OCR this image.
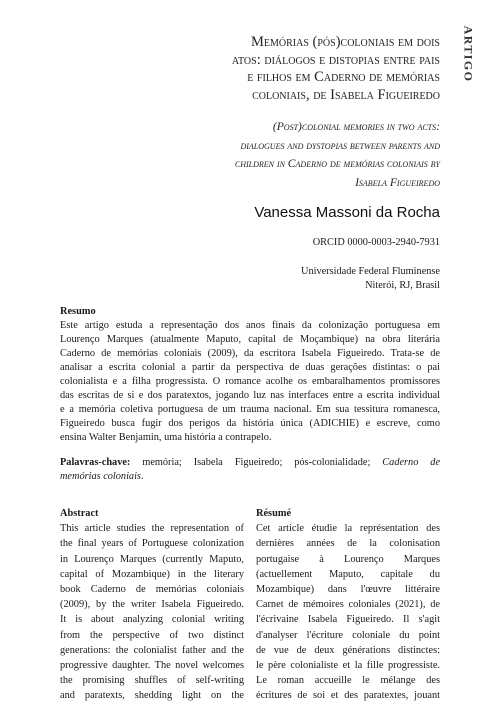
ARTIGO
Memórias (pós)coloniais em dois
atos: diálogos e distopias entre pais
e filhos em Caderno de memórias
coloniais, de Isabela Figueiredo
(Post)colonial memories in two acts:
dialogues and dystopias between parents and
children in Caderno de memórias coloniais by
Isabela Figueiredo
Vanessa Massoni da Rocha
ORCID 0000-0003-2940-7931
Universidade Federal Fluminense
Niterói, RJ, Brasil
Resumo
Este artigo estuda a representação dos anos finais da colonização portuguesa em
Lourenço Marques (atualmente Maputo, capital de Moçambique) na obra literária
Caderno de memórias coloniais (2009), da escritora Isabela Figueiredo. Trata-se de
analisar a escrita colonial a partir da perspectiva de duas gerações distintas: o pai
colonialista e a filha progressista. O romance acolhe os embaralhamentos promissores
das escritas de si e dos paratextos, jogando luz nas interfaces entre a escrita individual
e a memória coletiva portuguesa de um trauma nacional. Em sua tessitura romanesca,
Figueiredo busca fugir dos perigos da história única (ADICHIE) e escreve, como
ensina Walter Benjamin, uma história a contrapelo.
Palavras-chave: memória; Isabela Figueiredo; pós-colonialidade; Caderno de
memórias coloniais.
Abstract
This article studies the representation of
the final years of Portuguese colonization
in Lourenço Marques (currently Maputo,
capital of Mozambique) in the literary
book Caderno de memórias coloniais
(2009), by the writer Isabela Figueiredo.
It is about analyzing colonial writing
from the perspective of two distinct
generations: the colonialist father and the
progressive daughter. The novel welcomes
the promising shuffles of self-writing
and paratexts, shedding light on the
Résumé
Cet article étudie la représentation des
dernières années de la colonisation
portugaise à Lourenço Marques
(actuellement Maputo, capitale du
Mozambique) dans l'œuvre littéraire
Carnet de mémoires coloniales (2021), de
l'écrivaine Isabela Figueiredo. Il s'agit
d'analyser l'écriture coloniale du point
de vue de deux générations distinctes:
le père colonialiste et la fille progressiste.
Le roman accueille le mélange des
écritures de soi et des paratextes, jouant
